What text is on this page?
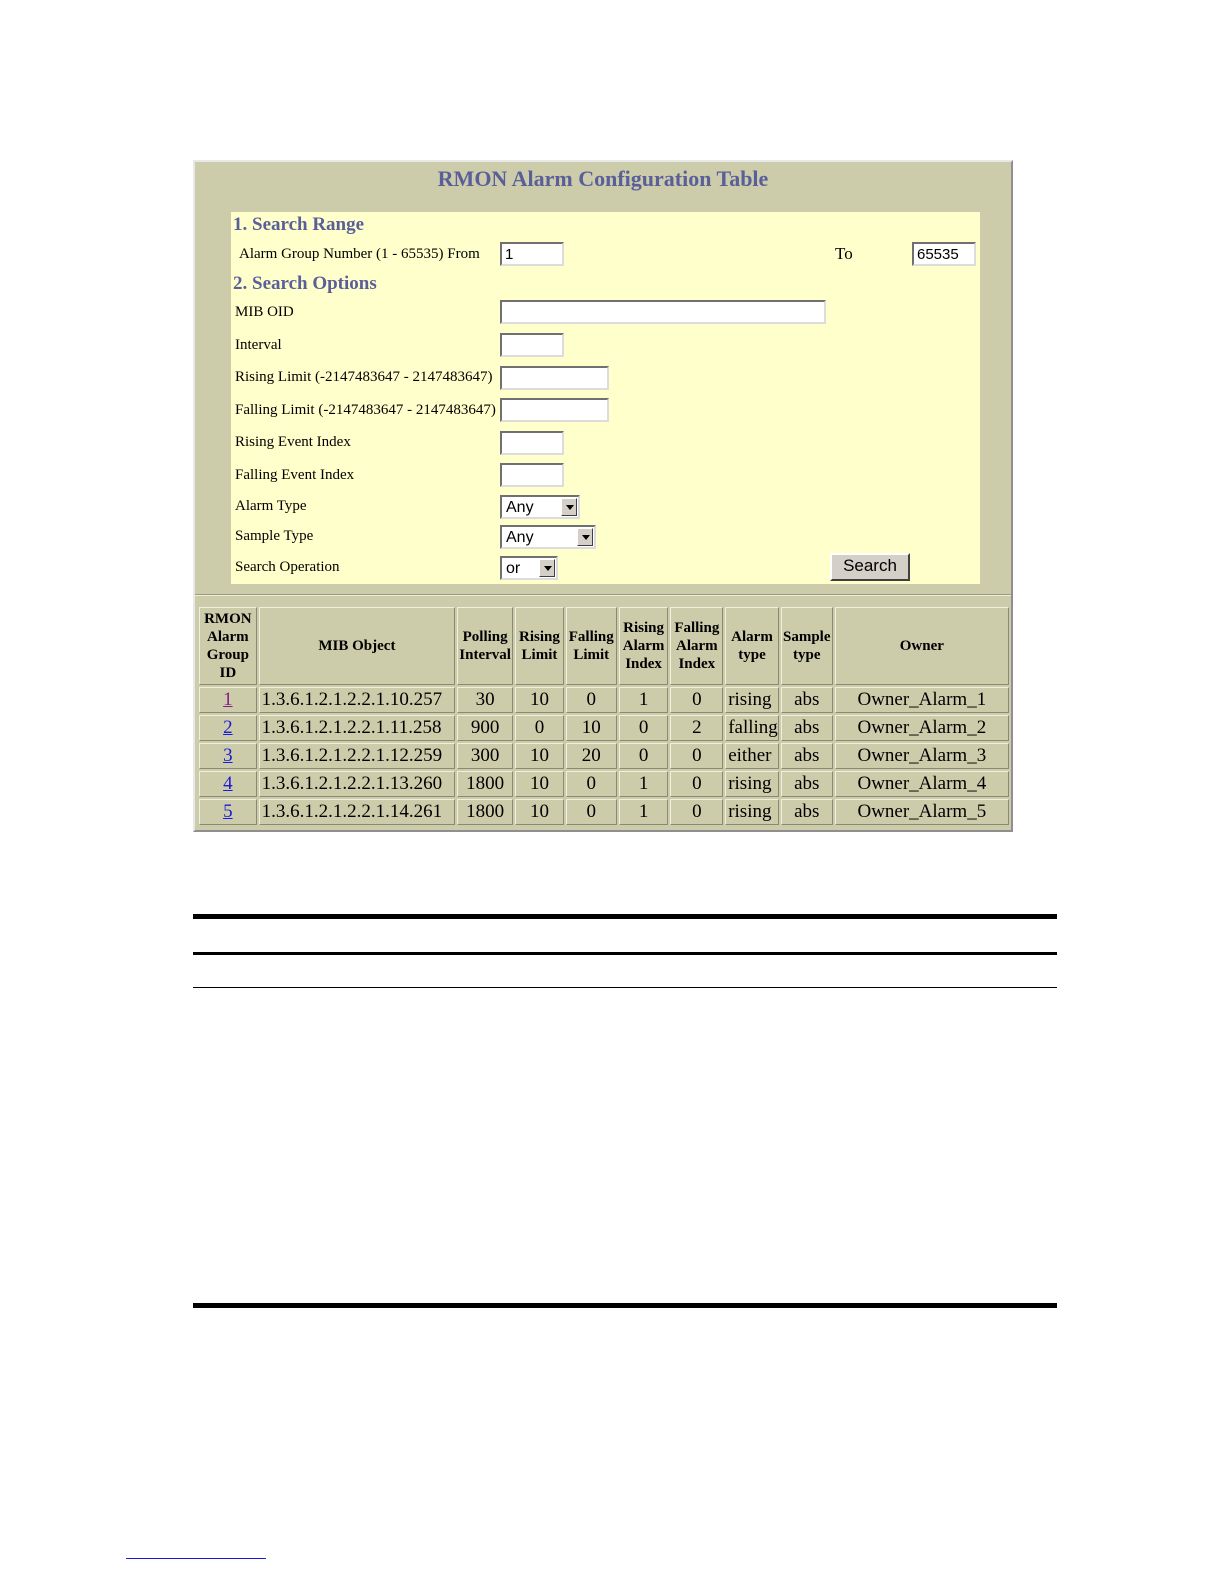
RMON Alarm Configuration Table
1. Search Range
Alarm Group Number (1 - 65535) From	1	To	65535
2. Search Options
MIB OID
Interval
Rising Limit (-2147483647 - 2147483647)
Falling Limit (-2147483647 - 2147483647)
Rising Event Index
Falling Event Index
Alarm Type	Any
Sample Type	Any
Search Operation	or	Search
RMON Alarm Group ID	MIB Object	Polling Interval	Rising Limit	Falling Limit	Rising Alarm Index	Falling Alarm Index	Alarm type	Sample type	Owner
1	1.3.6.1.2.1.2.2.1.10.257	30	10	0	1	0	rising	abs	Owner_Alarm_1
2	1.3.6.1.2.1.2.2.1.11.258	900	0	10	0	2	falling	abs	Owner_Alarm_2
3	1.3.6.1.2.1.2.2.1.12.259	300	10	20	0	0	either	abs	Owner_Alarm_3
4	1.3.6.1.2.1.2.2.1.13.260	1800	10	0	1	0	rising	abs	Owner_Alarm_4
5	1.3.6.1.2.1.2.2.1.14.261	1800	10	0	1	0	rising	abs	Owner_Alarm_5
